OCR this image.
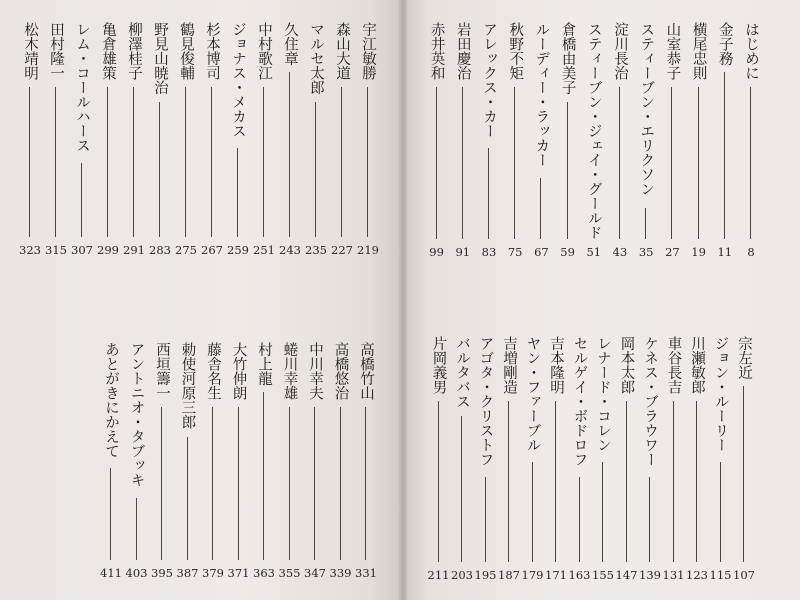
宇江敏勝
219
森山大道
227
マルセ太郎
235
久住章
243
中村歌江
251
ジョナス・メカス
259
杉本博司
267
鶴見俊輔
275
野見山暁治
283
柳澤桂子
291
亀倉雄策
299
レム・コールハース
307
田村隆一
315
松木靖明
323
高橋竹山
331
高橋悠治
339
中川幸夫
347
蜷川幸雄
355
村上龍
363
大竹伸朗
371
藤舎名生
379
勅使河原三郎
387
西垣籌一
395
アントニオ・タブッキ
403
あとがきにかえて
411
はじめに
8
金子務
11
横尾忠則
19
山室恭子
27
スティーブン・エリクソン
35
淀川長治
43
スティーブン・ジェイ・グールド
51
倉橋由美子
59
ルーディー・ラッカー
67
秋野不矩
75
アレックス・カー
83
岩田慶治
91
赤井英和
99
宗左近
107
ジョン・ルーリー
115
川瀬敏郎
123
車谷長吉
131
ケネス・ブラウワー
139
岡本太郎
147
レナード・コレン
155
セルゲイ・ボドロフ
163
吉本隆明
171
ヤン・ファーブル
179
吉増剛造
187
アゴタ・クリストフ
195
バルタバス
203
片岡義男
211
